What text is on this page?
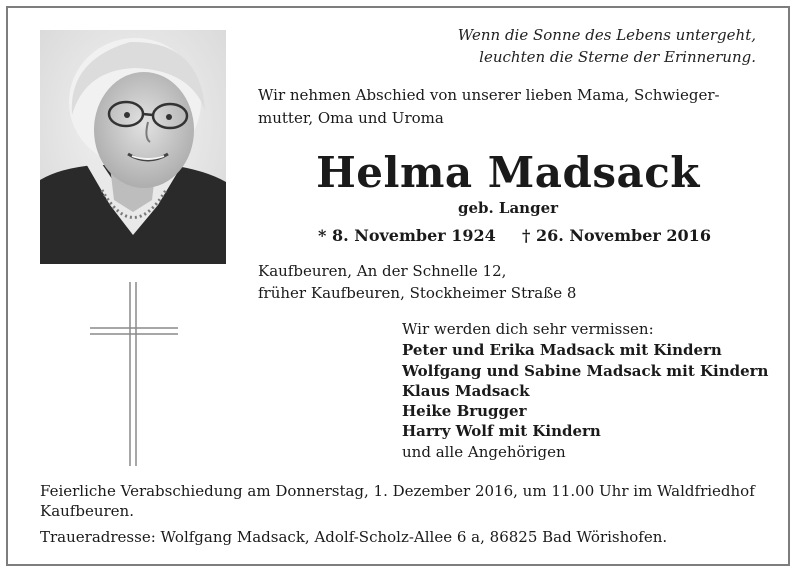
Wenn die Sonne des Lebens untergeht,
leuchten die Sterne der Erinnerung.
Wir nehmen Abschied von unserer lieben Mama, Schwieger-
mutter, Oma und Uroma
Helma Madsack
geb. Langer
* 8. November 1924 † 26. November 2016
Kaufbeuren, An der Schnelle 12,
früher Kaufbeuren, Stockheimer Straße 8
Wir werden dich sehr vermissen:
Peter und Erika Madsack mit Kindern
Wolfgang und Sabine Madsack mit Kindern
Klaus Madsack
Heike Brugger
Harry Wolf mit Kindern
und alle Angehörigen
Feierliche Verabschiedung am Donnerstag, 1. Dezember 2016, um 11.00 Uhr im Waldfriedhof
Kaufbeuren.
Traueradresse: Wolfgang Madsack, Adolf-Scholz-Allee 6 a, 86825 Bad Wörishofen.
